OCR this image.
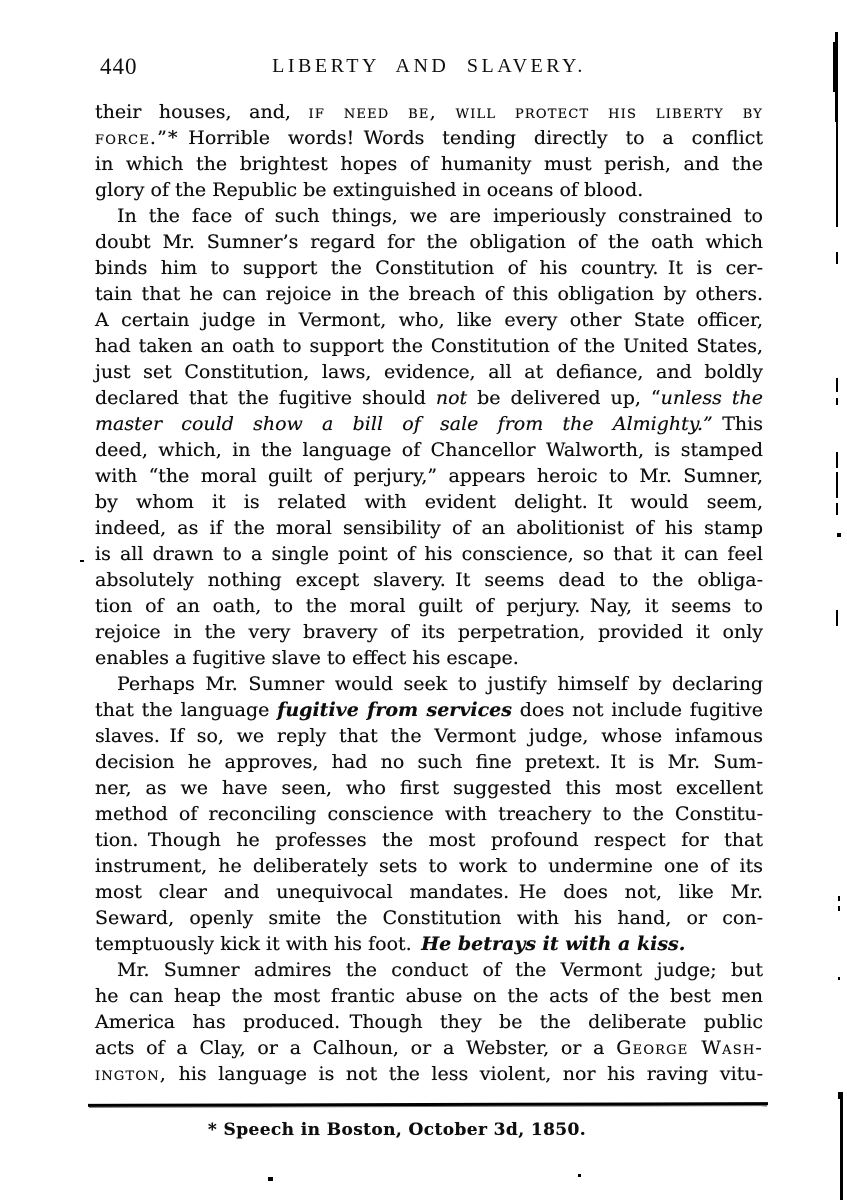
440	LIBERTY AND SLAVERY.
their houses, and, if need be, will protect his liberty by
force.”* Horrible words! Words tending directly to a conflict
in which the brightest hopes of humanity must perish, and the
glory of the Republic be extinguished in oceans of blood.
In the face of such things, we are imperiously constrained to
doubt Mr. Sumner’s regard for the obligation of the oath which
binds him to support the Constitution of his country. It is cer-
tain that he can rejoice in the breach of this obligation by others.
A certain judge in Vermont, who, like every other State officer,
had taken an oath to support the Constitution of the United States,
just set Constitution, laws, evidence, all at defiance, and boldly
declared that the fugitive should not be delivered up, “unless the
master could show a bill of sale from the Almighty.” This
deed, which, in the language of Chancellor Walworth, is stamped
with “the moral guilt of perjury,” appears heroic to Mr. Sumner,
by whom it is related with evident delight. It would seem,
indeed, as if the moral sensibility of an abolitionist of his stamp
is all drawn to a single point of his conscience, so that it can feel
absolutely nothing except slavery. It seems dead to the obliga-
tion of an oath, to the moral guilt of perjury. Nay, it seems to
rejoice in the very bravery of its perpetration, provided it only
enables a fugitive slave to effect his escape.
Perhaps Mr. Sumner would seek to justify himself by declaring
that the language fugitive from services does not include fugitive
slaves. If so, we reply that the Vermont judge, whose infamous
decision he approves, had no such fine pretext. It is Mr. Sum-
ner, as we have seen, who first suggested this most excellent
method of reconciling conscience with treachery to the Constitu-
tion. Though he professes the most profound respect for that
instrument, he deliberately sets to work to undermine one of its
most clear and unequivocal mandates. He does not, like Mr.
Seward, openly smite the Constitution with his hand, or con-
temptuously kick it with his foot. He betrays it with a kiss.
Mr. Sumner admires the conduct of the Vermont judge; but
he can heap the most frantic abuse on the acts of the best men
America has produced. Though they be the deliberate public
acts of a Clay, or a Calhoun, or a Webster, or a George Wash-
ington, his language is not the less violent, nor his raving vitu-
* Speech in Boston, October 3d, 1850.
